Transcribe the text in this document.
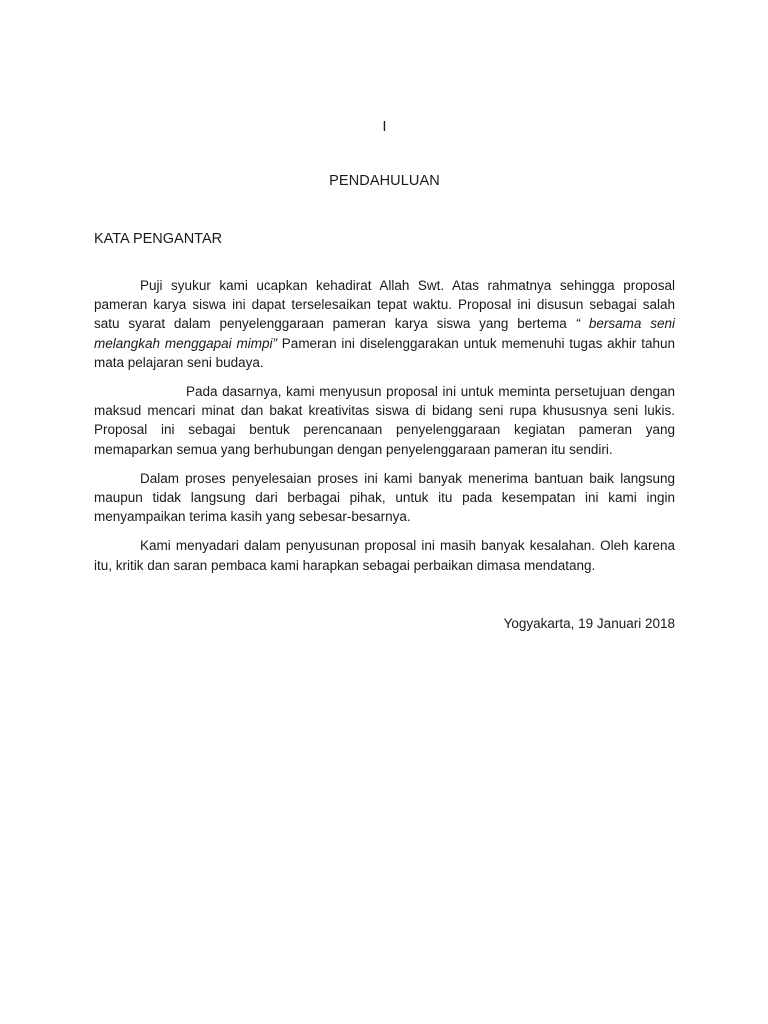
I
PENDAHULUAN
KATA PENGANTAR

Puji syukur kami ucapkan kehadirat Allah Swt. Atas rahmatnya sehingga proposal pameran karya siswa ini dapat terselesaikan tepat waktu. Proposal ini disusun sebagai salah satu syarat dalam penyelenggaraan pameran karya siswa yang bertema “ bersama seni melangkah menggapai mimpi” Pameran ini diselenggarakan untuk memenuhi tugas akhir tahun mata pelajaran seni budaya.

Pada dasarnya, kami menyusun proposal ini untuk meminta persetujuan dengan maksud mencari minat dan bakat kreativitas siswa di bidang seni rupa khususnya seni lukis. Proposal ini sebagai bentuk perencanaan penyelenggaraan kegiatan pameran yang memaparkan semua yang berhubungan dengan penyelenggaraan pameran itu sendiri.

Dalam proses penyelesaian proses ini kami banyak menerima bantuan baik langsung maupun tidak langsung dari berbagai pihak, untuk itu pada kesempatan ini kami ingin menyampaikan terima kasih yang sebesar-besarnya.

Kami menyadari dalam penyusunan proposal ini masih banyak kesalahan. Oleh karena itu, kritik dan saran pembaca kami harapkan sebagai perbaikan dimasa mendatang.

Yogyakarta, 19 Januari 2018
